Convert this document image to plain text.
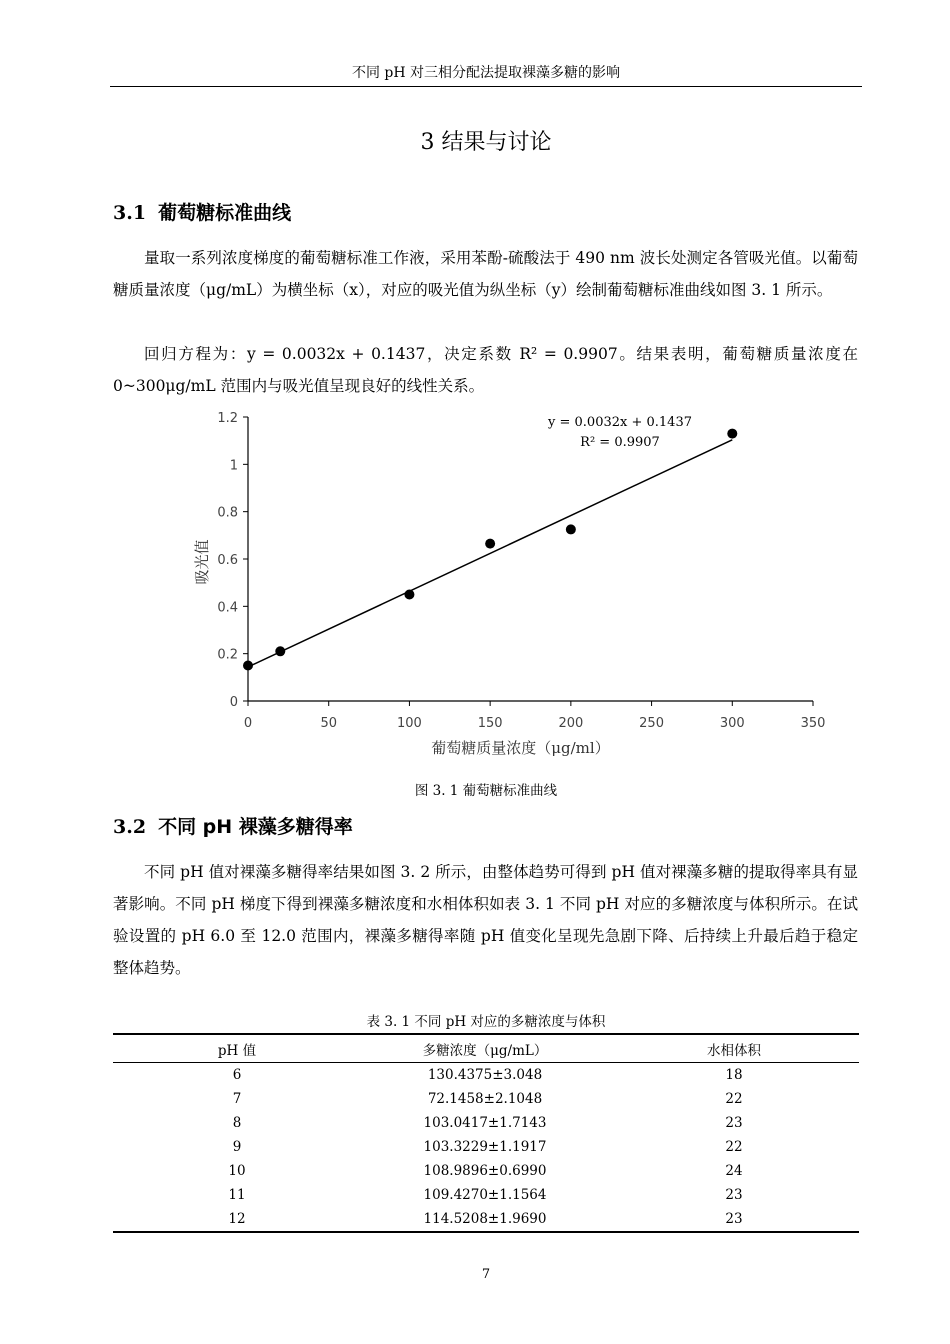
不同 pH 对三相分配法提取裸藻多糖的影响
3 结果与讨论
3.1 葡萄糖标准曲线

量取一系列浓度梯度的葡萄糖标准工作液，采用苯酚-硫酸法于 490 nm 波长处测定各管吸光值。以葡萄糖质量浓度（μg/mL）为横坐标（x），对应的吸光值为纵坐标（y）绘制葡萄糖标准曲线如图 3. 1 所示。

回归方程为：y = 0.0032x + 0.1437，决定系数 R² = 0.9907。结果表明，葡萄糖质量浓度在 0~300μg/mL 范围内与吸光值呈现良好的线性关系。

0	50	100	150	200	250	300	350
0
0.2
0.4
0.6
0.8
1
1.2	y = 0.0032x + 0.1437
R² = 0.9907
葡萄糖质量浓度（μg/ml）
吸光值
图 3. 1 葡萄糖标准曲线
3.2 不同 pH 裸藻多糖得率

不同 pH 值对裸藻多糖得率结果如图 3. 2 所示，由整体趋势可得到 pH 值对裸藻多糖的提取得率具有显著影响。不同 pH 梯度下得到裸藻多糖浓度和水相体积如表 3. 1 不同 pH 对应的多糖浓度与体积所示。在试验设置的 pH 6.0 至 12.0 范围内，裸藻多糖得率随 pH 值变化呈现先急剧下降、后持续上升最后趋于稳定整体趋势。

表 3. 1 不同 pH 对应的多糖浓度与体积
pH 值	多糖浓度（μg/mL）	水相体积
6	130.4375±3.048	18
7	72.1458±2.1048	22
8	103.0417±1.7143	23
9	103.3229±1.1917	22
10	108.9896±0.6990	24
11	109.4270±1.1564	23
12	114.5208±1.9690	23
7
